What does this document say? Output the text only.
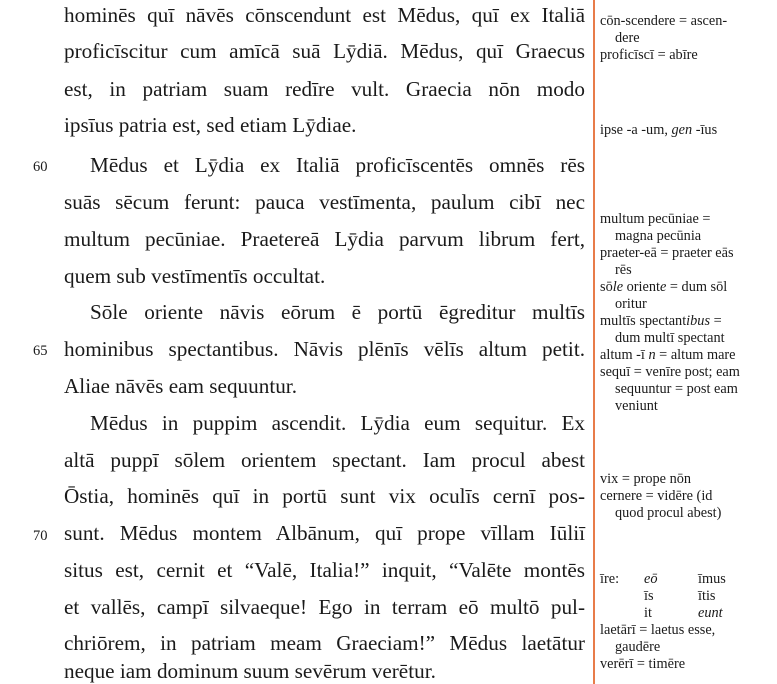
hominēs quī nāvēs cōnscendunt est Mēdus, quī ex Italiā
proficīscitur cum amīcā suā Lȳdiā. Mēdus, quī Graecus
est, in patriam suam redīre vult. Graecia nōn modo
ipsīus patria est, sed etiam Lȳdiae.
60	Mēdus et Lȳdia ex Italiā proficīscentēs omnēs rēs
suās sēcum ferunt: pauca vestīmenta, paulum cibī nec
multum pecūniae. Praetereā Lȳdia parvum librum fert,
quem sub vestīmentīs occultat.
Sōle oriente nāvis eōrum ē portū ēgreditur multīs
65 hominibus spectantibus. Nāvis plēnīs vēlīs altum petit.
Aliae nāvēs eam sequuntur.
Mēdus in puppim ascendit. Lȳdia eum sequitur. Ex
altā puppī sōlem orientem spectant. Iam procul abest
Ōstia, hominēs quī in portū sunt vix oculīs cernī pos-
70 sunt. Mēdus montem Albānum, quī prope vīllam Iūliī
situs est, cernit et “Valē, Italia!” inquit, “Valēte montēs
et vallēs, campī silvaeque! Ego in terram eō multō pul-
chriōrem, in patriam meam Graeciam!” Mēdus laetātur
neque iam dominum suum sevērum verētur.
cōn-scendere = ascen-
dere
proficīscī = abīre
ipse -a -um, gen -īus
multum pecūniae =
magna pecūnia
praeter-eā = praeter eās
rēs
sōle oriente = dum sōl
oritur
multīs spectantibus =
dum multī spectant
altum -ī n = altum mare
sequī = venīre post; eam
sequuntur = post eam
veniunt
vix = prope nōn
cernere = vidēre (id
quod procul abest)
īre: eō	īmus
īs	ītis
it	eunt
laetārī = laetus esse,
gaudēre
verērī = timēre
